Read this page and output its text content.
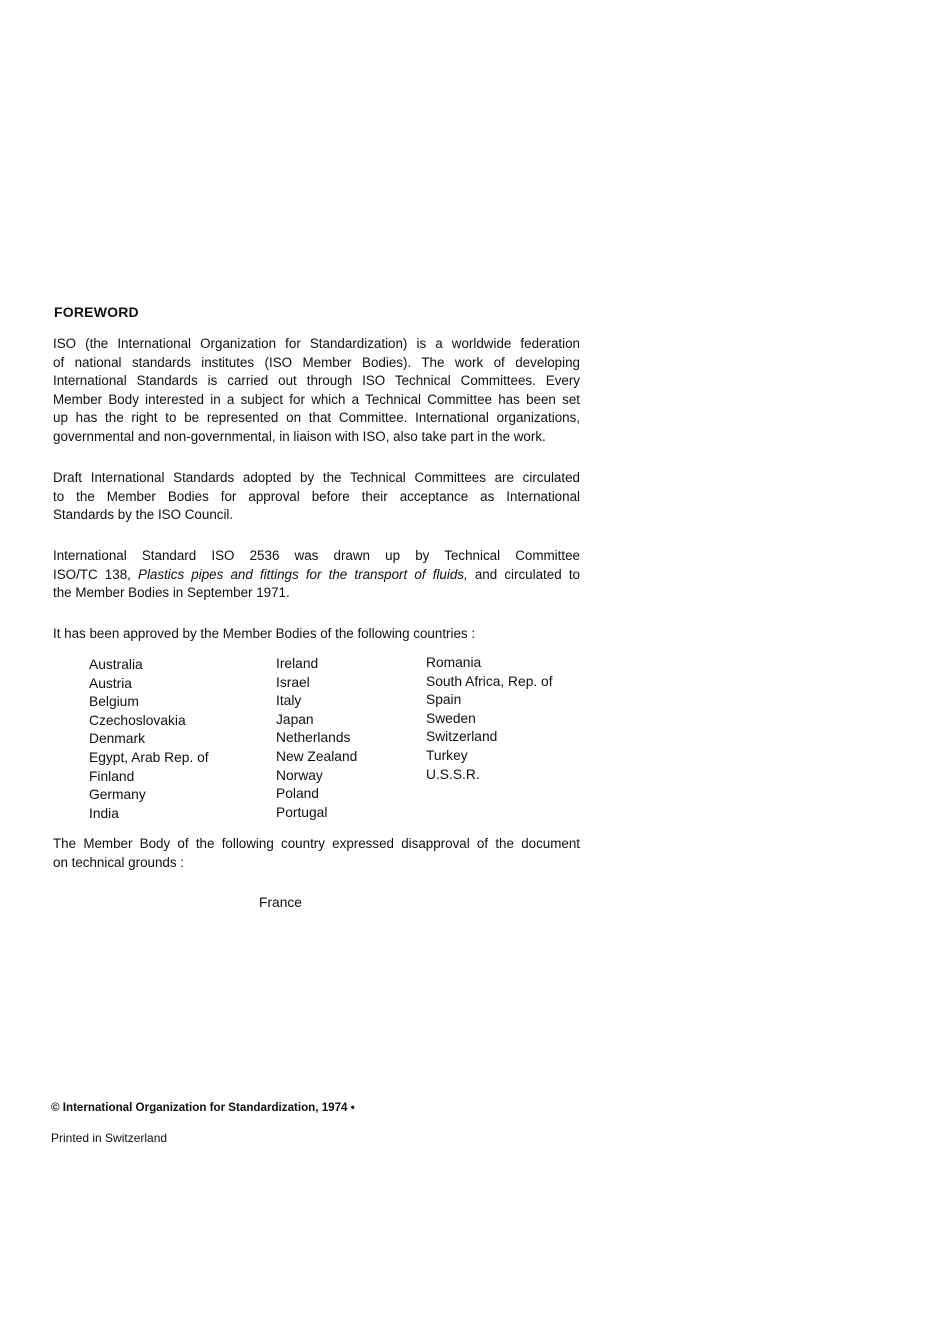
FOREWORD

ISO (the International Organization for Standardization) is a worldwide federation
of national standards institutes (ISO Member Bodies). The work of developing
International Standards is carried out through ISO Technical Committees. Every
Member Body interested in a subject for which a Technical Committee has been set
up has the right to be represented on that Committee. International organizations,
governmental and non-governmental, in liaison with ISO, also take part in the work.

Draft International Standards adopted by the Technical Committees are circulated
to the Member Bodies for approval before their acceptance as International
Standards by the ISO Council.

International Standard ISO 2536 was drawn up by Technical Committee
ISO/TC 138, Plastics pipes and fittings for the transport of fluids, and circulated to
the Member Bodies in September 1971.

It has been approved by the Member Bodies of the following countries :

Australia
Austria
Belgium
Czechoslovakia
Denmark
Egypt, Arab Rep. of
Finland
Germany
India
Ireland
Israel
Italy
Japan
Netherlands
New Zealand
Norway
Poland
Portugal
Romania
South Africa, Rep. of
Spain
Sweden
Switzerland
Turkey
U.S.S.R.

The Member Body of the following country expressed disapproval of the document
on technical grounds :

France
© International Organization for Standardization, 1974 •
Printed in Switzerland
